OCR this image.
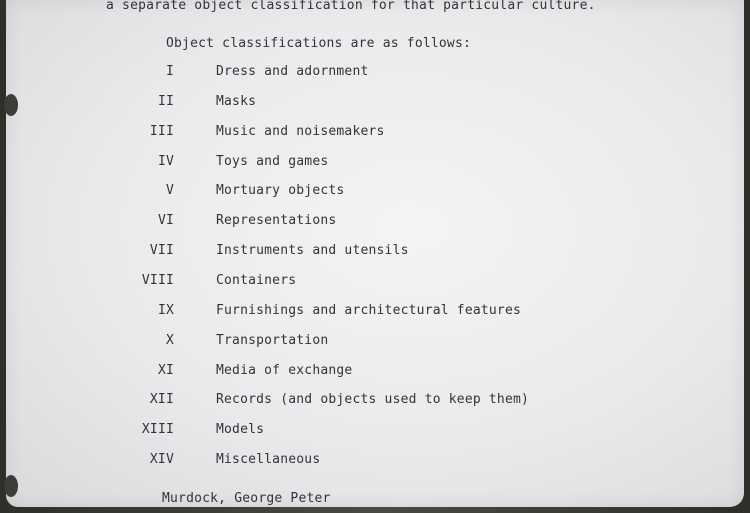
a separate object classification for that particular culture.
Object classifications are as follows:
I	Dress and adornment
II	Masks
III	Music and noisemakers
IV	Toys and games
V	Mortuary objects
VI	Representations
VII	Instruments and utensils
VIII	Containers
IX	Furnishings and architectural features
X	Transportation
XI	Media of exchange
XII	Records (and objects used to keep them)
XIII	Models
XIV	Miscellaneous
Murdock, George Peter
